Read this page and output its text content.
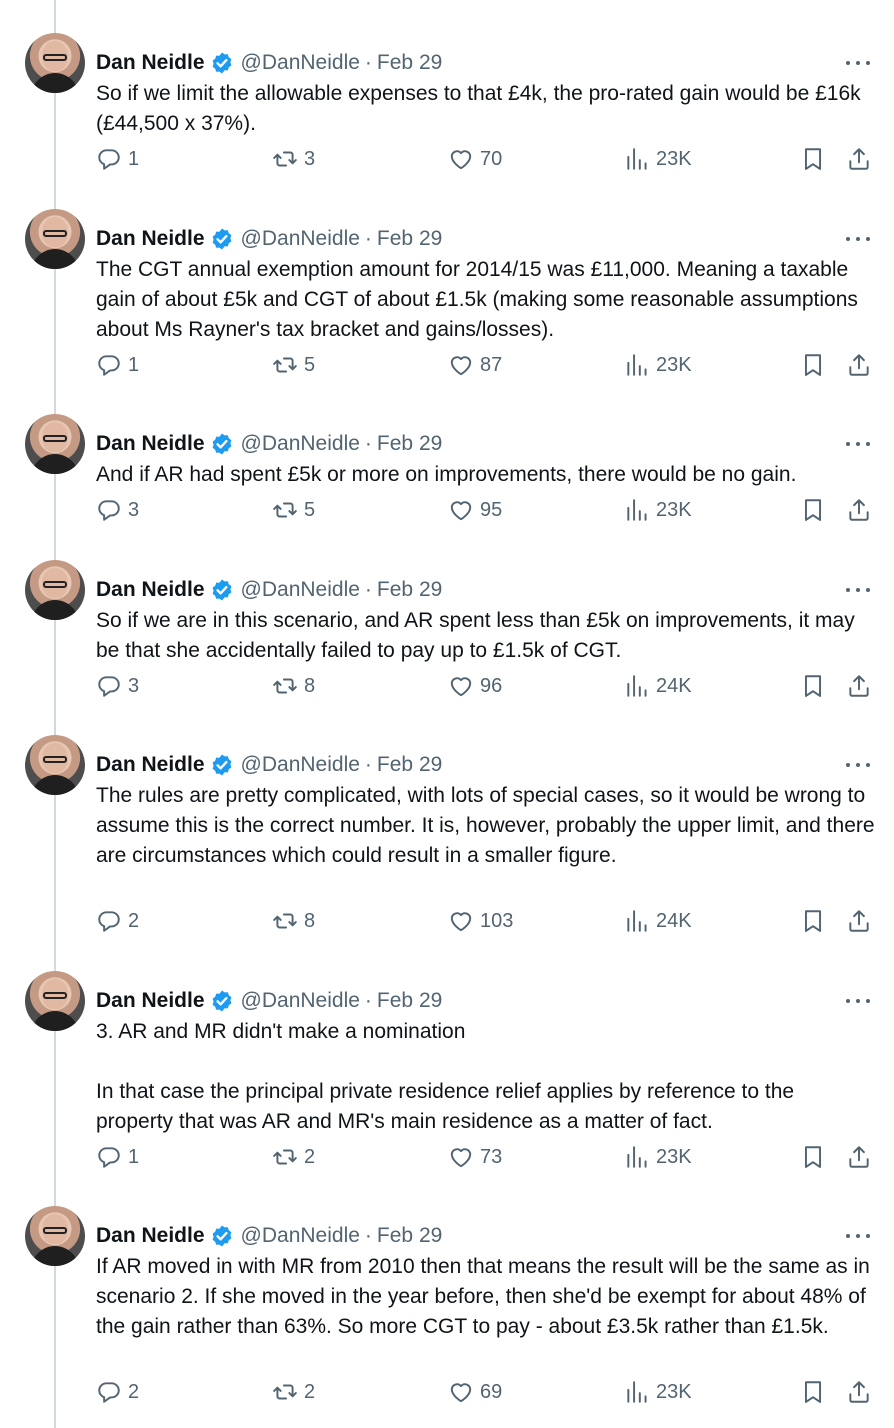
Dan Neidle @DanNeidle · Feb 29
So if we limit the allowable expenses to that £4k, the pro-rated gain would be £16k (£44,500 x 37%).
1	3	70	23K
Dan Neidle @DanNeidle · Feb 29
The CGT annual exemption amount for 2014/15 was £11,000. Meaning a taxable gain of about £5k and CGT of about £1.5k (making some reasonable assumptions about Ms Rayner's tax bracket and gains/losses).
1	5	87	23K
Dan Neidle @DanNeidle · Feb 29
And if AR had spent £5k or more on improvements, there would be no gain.
3	5	95	23K
Dan Neidle @DanNeidle · Feb 29
So if we are in this scenario, and AR spent less than £5k on improvements, it may be that she accidentally failed to pay up to £1.5k of CGT.
3	8	96	24K
Dan Neidle @DanNeidle · Feb 29
The rules are pretty complicated, with lots of special cases, so it would be wrong to assume this is the correct number. It is, however, probably the upper limit, and there are circumstances which could result in a smaller figure.
2	8	103	24K
Dan Neidle @DanNeidle · Feb 29
3. AR and MR didn't make a nomination

In that case the principal private residence relief applies by reference to the property that was AR and MR's main residence as a matter of fact.
1	2	73	23K
Dan Neidle @DanNeidle · Feb 29
If AR moved in with MR from 2010 then that means the result will be the same as in scenario 2. If she moved in the year before, then she'd be exempt for about 48% of the gain rather than 63%. So more CGT to pay - about £3.5k rather than £1.5k.
2	2	69	23K
